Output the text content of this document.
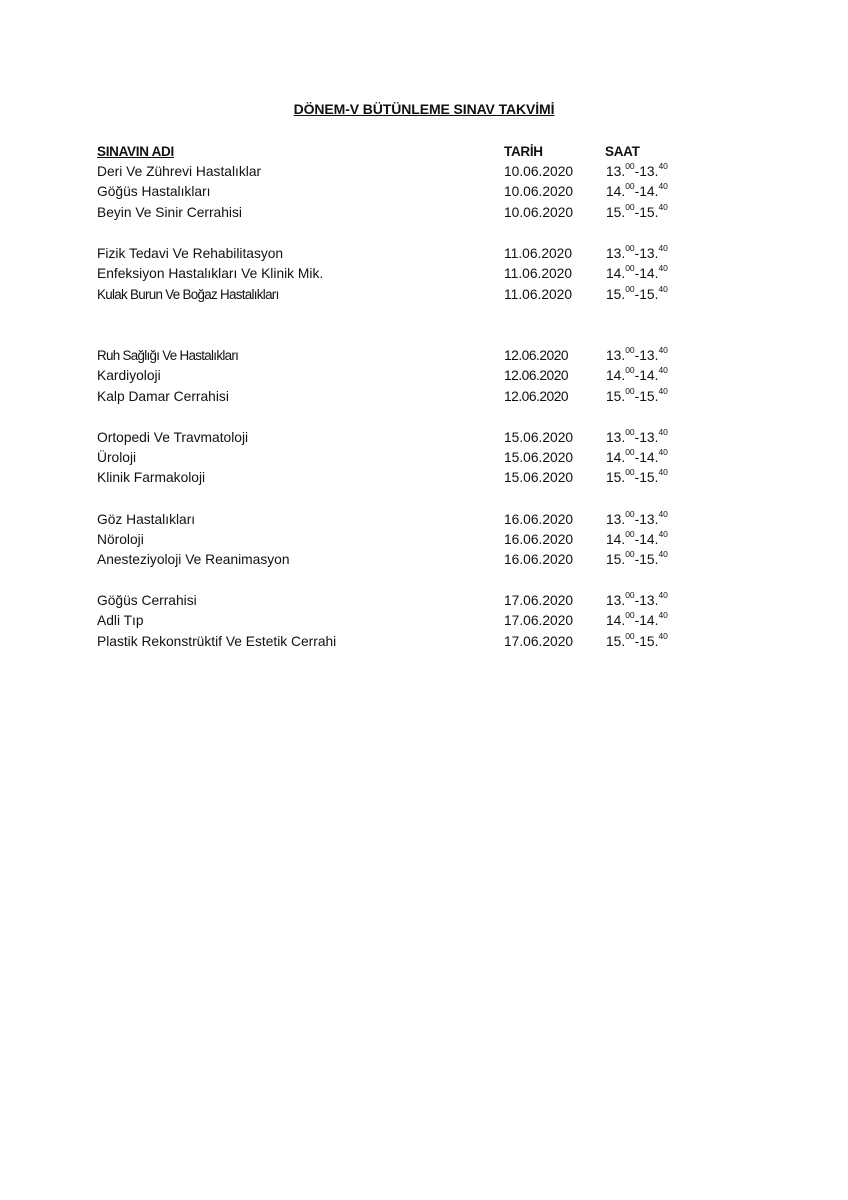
DÖNEM-V BÜTÜNLEME SINAV TAKVİMİ
SINAVIN ADI	TARİH	SAAT
Deri Ve Zührevi Hastalıklar	10.06.2020 13.00-13.40
Göğüs Hastalıkları	10.06.2020 14.00-14.40
Beyin Ve Sinir Cerrahisi	10.06.2020 15.00-15.40
Fizik Tedavi Ve Rehabilitasyon	11.06.2020 13.00-13.40
Enfeksiyon Hastalıkları Ve Klinik Mik.	11.06.2020 14.00-14.40
Kulak Burun Ve Boğaz Hastalıkları	11.06.2020 15.00-15.40
Ruh Sağlığı Ve Hastalıkları	12.06.2020	13.00-13.40
Kardiyoloji	12.06.2020	14.00-14.40
Kalp Damar Cerrahisi	12.06.2020	15.00-15.40
Ortopedi Ve Travmatoloji	15.06.2020 13.00-13.40
Üroloji	15.06.2020 14.00-14.40
Klinik Farmakoloji	15.06.2020 15.00-15.40
Göz Hastalıkları	16.06.2020 13.00-13.40
Nöroloji	16.06.2020 14.00-14.40
Anesteziyoloji Ve Reanimasyon	16.06.2020 15.00-15.40
Göğüs Cerrahisi	17.06.2020 13.00-13.40
Adli Tıp	17.06.2020 14.00-14.40
Plastik Rekonstrüktif Ve Estetik Cerrahi	17.06.2020 15.00-15.40
